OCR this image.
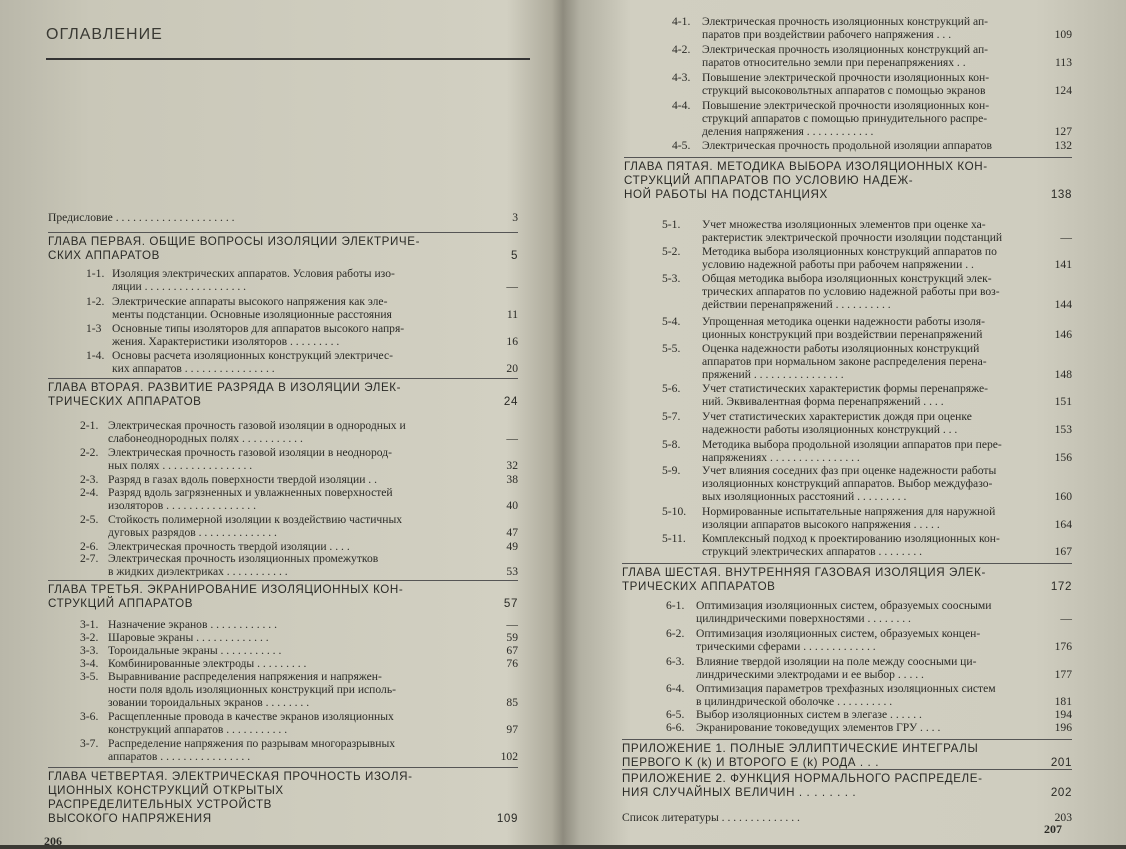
ОГЛАВЛЕНИЕ
Предисловие . . . . . . . . . . . . . . . . . . . . .	3
ГЛАВА ПЕРВАЯ. ОБЩИЕ ВОПРОСЫ ИЗОЛЯЦИИ ЭЛЕКТРИЧЕ-
СКИХ АППАРАТОВ	5
1-1. Изоляция электрических аппаратов. Условия работы изо-
ляции . . . . . . . . . . . . . . . . . .	—
1-2. Электрические аппараты высокого напряжения как эле-
менты подстанции. Основные изоляционные расстояния	11
1-3 Основные типы изоляторов для аппаратов высокого напря-
жения. Характеристики изоляторов . . . . . . . . .	16
1-4. Основы расчета изоляционных конструкций электричес-
ких аппаратов . . . . . . . . . . . . . . . .	20
ГЛАВА ВТОРАЯ. РАЗВИТИЕ РАЗРЯДА В ИЗОЛЯЦИИ ЭЛЕК-
ТРИЧЕСКИХ АППАРАТОВ	24
2-1. Электрическая прочность газовой изоляции в однородных и
слабонеоднородных полях . . . . . . . . . . .	—
2-2. Электрическая прочность газовой изоляции в неоднород-
ных полях . . . . . . . . . . . . . . . .	32
2-3. Разряд в газах вдоль поверхности твердой изоляции . .	38
2-4. Разряд вдоль загрязненных и увлажненных поверхностей
изоляторов . . . . . . . . . . . . . . . .	40
2-5. Стойкость полимерной изоляции к воздействию частичных
дуговых разрядов . . . . . . . . . . . . . .	47
2-6. Электрическая прочность твердой изоляции . . . .	49
2-7. Электрическая прочность изоляционных промежутков
в жидких диэлектриках . . . . . . . . . . .	53
ГЛАВА ТРЕТЬЯ. ЭКРАНИРОВАНИЕ ИЗОЛЯЦИОННЫХ КОН-
СТРУКЦИЙ АППАРАТОВ	57
3-1. Назначение экранов . . . . . . . . . . . .	—
3-2. Шаровые экраны . . . . . . . . . . . . .	59
3-3. Тороидальные экраны . . . . . . . . . . .	67
3-4. Комбинированные электроды . . . . . . . . .	76
3-5. Выравнивание распределения напряжения и напряжен-
ности поля вдоль изоляционных конструкций при исполь-
зовании тороидальных экранов . . . . . . . .	85
3-6. Расщепленные провода в качестве экранов изоляционных
конструкций аппаратов . . . . . . . . . . .	97
3-7. Распределение напряжения по разрывам многоразрывных
аппаратов . . . . . . . . . . . . . . . .	102
ГЛАВА ЧЕТВЕРТАЯ. ЭЛЕКТРИЧЕСКАЯ ПРОЧНОСТЬ ИЗОЛЯ-
ЦИОННЫХ КОНСТРУКЦИЙ ОТКРЫТЫХ
РАСПРЕДЕЛИТЕЛЬНЫХ УСТРОЙСТВ
ВЫСОКОГО НАПРЯЖЕНИЯ	109
206
4-1.	Электрическая прочность изоляционных конструкций ап-
паратов при воздействии рабочего напряжения . . .	109
4-2.	Электрическая прочность изоляционных конструкций ап-
паратов относительно земли при перенапряжениях . .	113
4-3.	Повышение электрической прочности изоляционных кон-
струкций высоковольтных аппаратов с помощью экранов	124
4-4.	Повышение электрической прочности изоляционных кон-
струкций аппаратов с помощью принудительного распре-
деления напряжения . . . . . . . . . . . .	127
4-5.	Электрическая прочность продольной изоляции аппаратов	132
ГЛАВА ПЯТАЯ. МЕТОДИКА ВЫБОРА ИЗОЛЯЦИОННЫХ КОН-
СТРУКЦИЙ АППАРАТОВ ПО УСЛОВИЮ НАДЕЖ-
НОЙ РАБОТЫ НА ПОДСТАНЦИЯХ	138
5-1.	Учет множества изоляционных элементов при оценке ха-
рактеристик электрической прочности изоляции подстанций	—
5-2.	Методика выбора изоляционных конструкций аппаратов по
условию надежной работы при рабочем напряжении . .	141
5-3.	Общая методика выбора изоляционных конструкций элек-
трических аппаратов по условию надежной работы при воз-
действии перенапряжений . . . . . . . . . .	144
5-4.	Упрощенная методика оценки надежности работы изоля-
ционных конструкций при воздействии перенапряжений	146
5-5.	Оценка надежности работы изоляционных конструкций
аппаратов при нормальном законе распределения перена-
пряжений . . . . . . . . . . . . . . . .	148
5-6.	Учет статистических характеристик формы перенапряже-
ний. Эквивалентная форма перенапряжений . . . .	151
5-7.	Учет статистических характеристик дождя при оценке
надежности работы изоляционных конструкций . . .	153
5-8.	Методика выбора продольной изоляции аппаратов при пере-
напряжениях . . . . . . . . . . . . . . . .	156
5-9.	Учет влияния соседних фаз при оценке надежности работы
изоляционных конструкций аппаратов. Выбор междуфазо-
вых изоляционных расстояний . . . . . . . . .	160
5-10.	Нормированные испытательные напряжения для наружной
изоляции аппаратов высокого напряжения . . . . .	164
5-11.	Комплексный подход к проектированию изоляционных кон-
струкций электрических аппаратов . . . . . . . .	167
ГЛАВА ШЕСТАЯ. ВНУТРЕННЯЯ ГАЗОВАЯ ИЗОЛЯЦИЯ ЭЛЕК-
ТРИЧЕСКИХ АППАРАТОВ	172
6-1.	Оптимизация изоляционных систем, образуемых соосными
цилиндрическими поверхностями . . . . . . . .	—
6-2.	Оптимизация изоляционных систем, образуемых концен-
трическими сферами . . . . . . . . . . . . .	176
6-3.	Влияние твердой изоляции на поле между соосными ци-
линдрическими электродами и ее выбор . . . . .	177
6-4.	Оптимизация параметров трехфазных изоляционных систем
в цилиндрической оболочке . . . . . . . . . .	181
6-5.	Выбор изоляционных систем в элегазе . . . . . .	194
6-6.	Экранирование токоведущих элементов ГРУ . . . .	196
ПРИЛОЖЕНИЕ 1. ПОЛНЫЕ ЭЛЛИПТИЧЕСКИЕ ИНТЕГРАЛЫ
ПЕРВОГО K (k) И ВТОРОГО E (k) РОДА . . .	201
ПРИЛОЖЕНИЕ 2. ФУНКЦИЯ НОРМАЛЬНОГО РАСПРЕДЕЛЕ-
НИЯ СЛУЧАЙНЫХ ВЕЛИЧИН . . . . . . . .	202
Список литературы . . . . . . . . . . . . . .	203
207
